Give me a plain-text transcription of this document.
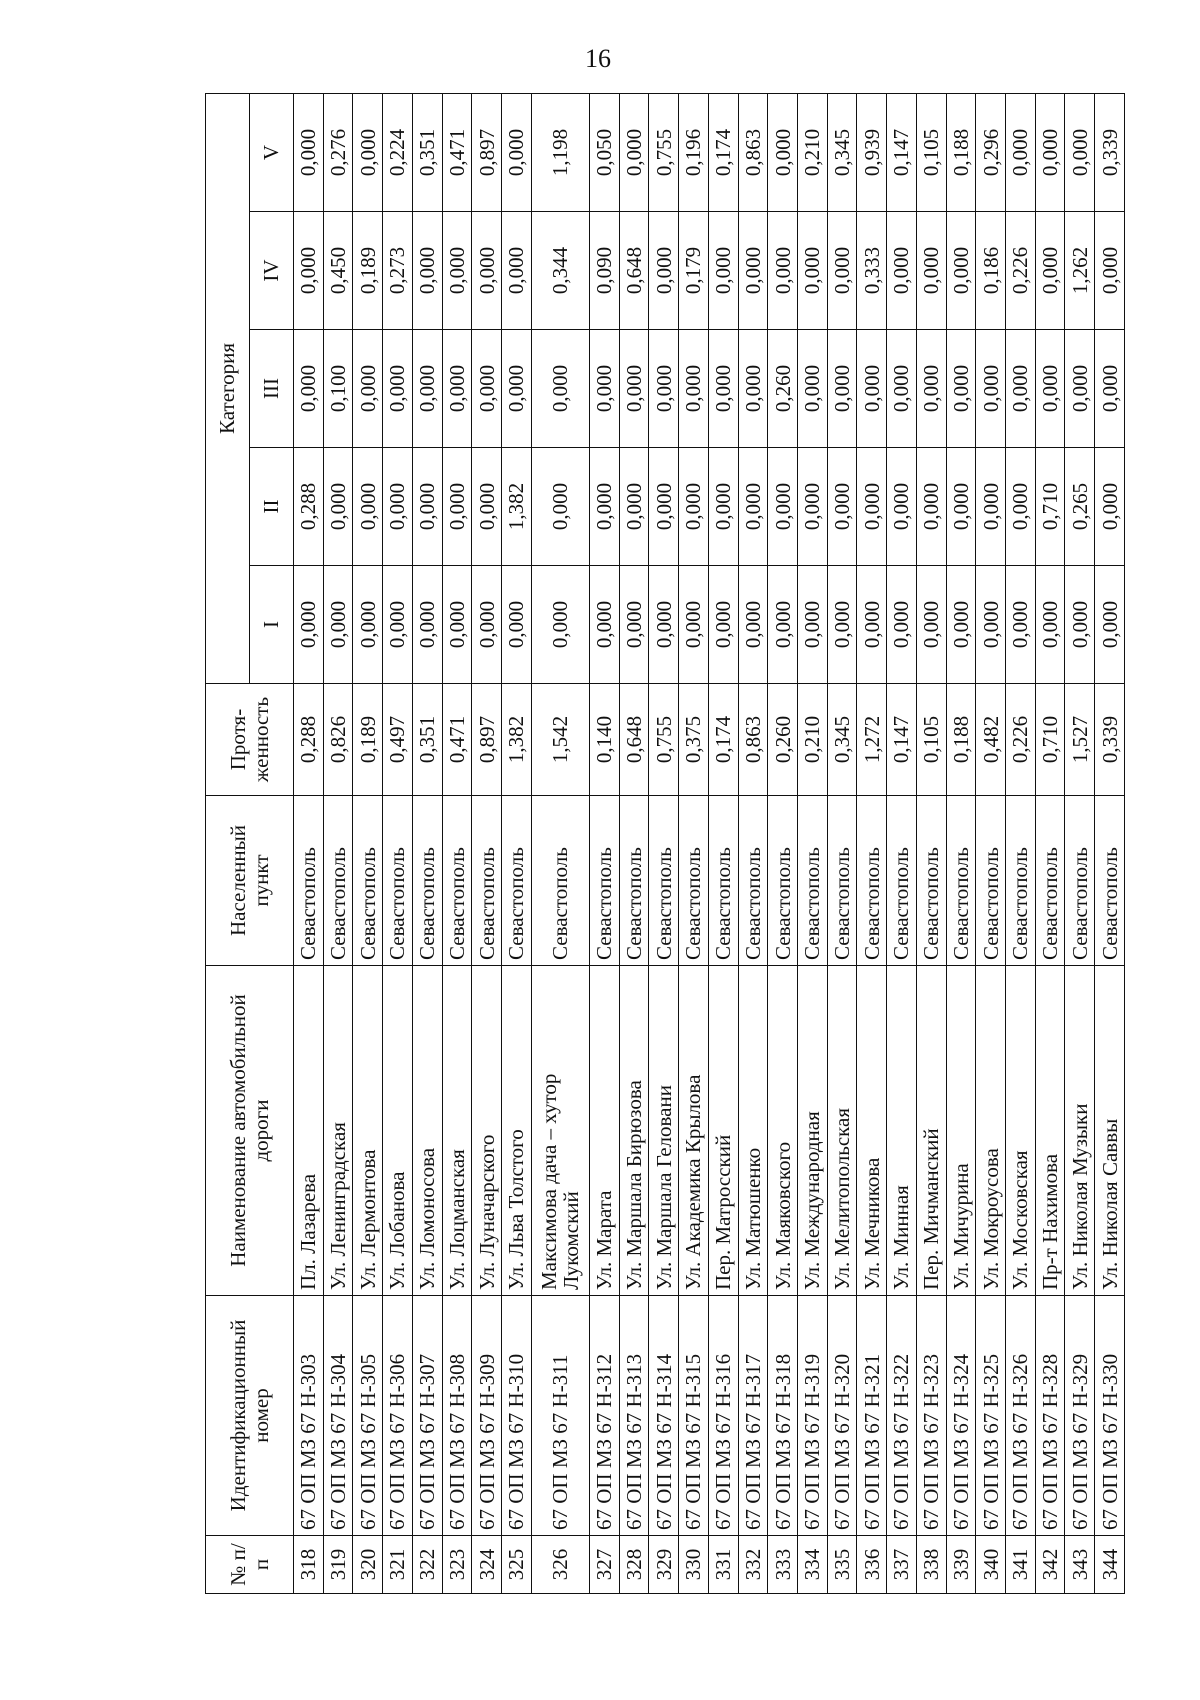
16
№ п/п	Идентификационный номер	Наименование автомобильной дороги	Населенный пункт	Протя-женность	Категория				
					I	II	III	IV	V
318	67 ОП МЗ 67 Н-303	Пл. Лазарева	Севастополь	0,288	0,000	0,288	0,000	0,000	0,000
319	67 ОП МЗ 67 Н-304	Ул. Ленинградская	Севастополь	0,826	0,000	0,000	0,100	0,450	0,276
320	67 ОП МЗ 67 Н-305	Ул. Лермонтова	Севастополь	0,189	0,000	0,000	0,000	0,189	0,000
321	67 ОП МЗ 67 Н-306	Ул. Лобанова	Севастополь	0,497	0,000	0,000	0,000	0,273	0,224
322	67 ОП МЗ 67 Н-307	Ул. Ломоносова	Севастополь	0,351	0,000	0,000	0,000	0,000	0,351
323	67 ОП МЗ 67 Н-308	Ул. Лоцманская	Севастополь	0,471	0,000	0,000	0,000	0,000	0,471
324	67 ОП МЗ 67 Н-309	Ул. Луначарского	Севастополь	0,897	0,000	0,000	0,000	0,000	0,897
325	67 ОП МЗ 67 Н-310	Ул. Льва Толстого	Севастополь	1,382	0,000	1,382	0,000	0,000	0,000
326	67 ОП МЗ 67 Н-311	Максимова дача – хутор Лукомский	Севастополь	1,542	0,000	0,000	0,000	0,344	1,198
327	67 ОП МЗ 67 Н-312	Ул. Марата	Севастополь	0,140	0,000	0,000	0,000	0,090	0,050
328	67 ОП МЗ 67 Н-313	Ул. Маршала Бирюзова	Севастополь	0,648	0,000	0,000	0,000	0,648	0,000
329	67 ОП МЗ 67 Н-314	Ул. Маршала Геловани	Севастополь	0,755	0,000	0,000	0,000	0,000	0,755
330	67 ОП МЗ 67 Н-315	Ул. Академика Крылова	Севастополь	0,375	0,000	0,000	0,000	0,179	0,196
331	67 ОП МЗ 67 Н-316	Пер. Матросский	Севастополь	0,174	0,000	0,000	0,000	0,000	0,174
332	67 ОП МЗ 67 Н-317	Ул. Матюшенко	Севастополь	0,863	0,000	0,000	0,000	0,000	0,863
333	67 ОП МЗ 67 Н-318	Ул. Маяковского	Севастополь	0,260	0,000	0,000	0,260	0,000	0,000
334	67 ОП МЗ 67 Н-319	Ул. Международная	Севастополь	0,210	0,000	0,000	0,000	0,000	0,210
335	67 ОП МЗ 67 Н-320	Ул. Мелитопольская	Севастополь	0,345	0,000	0,000	0,000	0,000	0,345
336	67 ОП МЗ 67 Н-321	Ул. Мечникова	Севастополь	1,272	0,000	0,000	0,000	0,333	0,939
337	67 ОП МЗ 67 Н-322	Ул. Минная	Севастополь	0,147	0,000	0,000	0,000	0,000	0,147
338	67 ОП МЗ 67 Н-323	Пер. Мичманский	Севастополь	0,105	0,000	0,000	0,000	0,000	0,105
339	67 ОП МЗ 67 Н-324	Ул. Мичурина	Севастополь	0,188	0,000	0,000	0,000	0,000	0,188
340	67 ОП МЗ 67 Н-325	Ул. Мокроусова	Севастополь	0,482	0,000	0,000	0,000	0,186	0,296
341	67 ОП МЗ 67 Н-326	Ул. Московская	Севастополь	0,226	0,000	0,000	0,000	0,226	0,000
342	67 ОП МЗ 67 Н-328	Пр-т Нахимова	Севастополь	0,710	0,000	0,710	0,000	0,000	0,000
343	67 ОП МЗ 67 Н-329	Ул. Николая Музыки	Севастополь	1,527	0,000	0,265	0,000	1,262	0,000
344	67 ОП МЗ 67 Н-330	Ул. Николая Саввы	Севастополь	0,339	0,000	0,000	0,000	0,000	0,339
